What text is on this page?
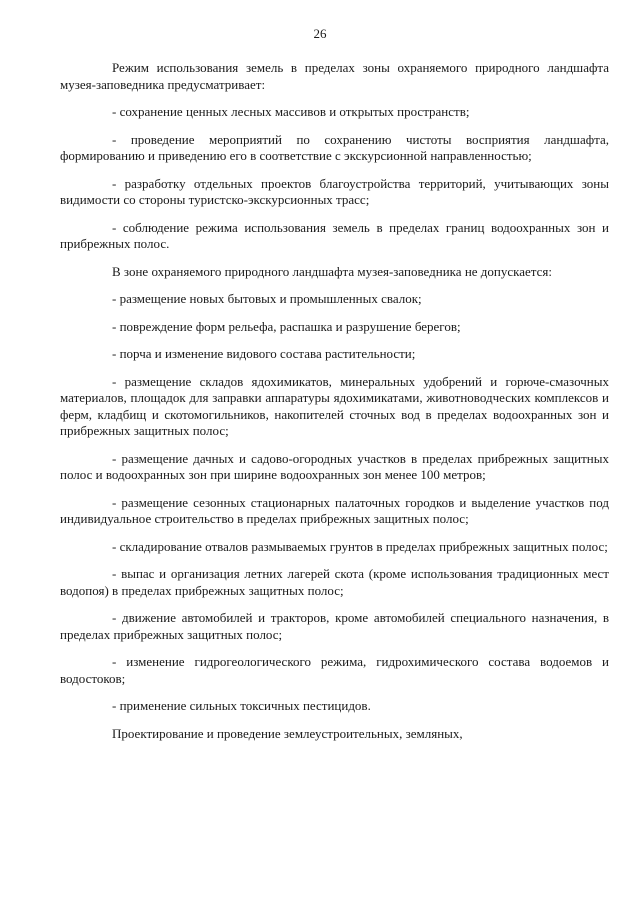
26

Режим использования земель в пределах зоны охраняемого природного ландшафта музея-заповедника предусматривает:

- сохранение ценных лесных массивов и открытых пространств;

- проведение мероприятий по сохранению чистоты восприятия ландшафта, формированию и приведению его в соответствие с экскурсионной направленностью;

- разработку отдельных проектов благоустройства территорий, учитывающих зоны видимости со стороны туристско-экскурсионных трасс;

- соблюдение режима использования земель в пределах границ водоохранных зон и прибрежных полос.

В зоне охраняемого природного ландшафта музея-заповедника не допускается:

- размещение новых бытовых и промышленных свалок;

- повреждение форм рельефа, распашка и разрушение берегов;

- порча и изменение видового состава растительности;

- размещение складов ядохимикатов, минеральных удобрений и горюче-смазочных материалов, площадок для заправки аппаратуры ядохимикатами, животноводческих комплексов и ферм, кладбищ и скотомогильников, накопителей сточных вод в пределах водоохранных зон и прибрежных защитных полос;

- размещение дачных и садово-огородных участков в пределах прибрежных защитных полос и водоохранных зон при ширине водоохранных зон менее 100 метров;

- размещение сезонных стационарных палаточных городков и выделение участков под индивидуальное строительство в пределах прибрежных защитных полос;

- складирование отвалов размываемых грунтов в пределах прибрежных защитных полос;

- выпас и организация летних лагерей скота (кроме использования традиционных мест водопоя) в пределах прибрежных защитных полос;

- движение автомобилей и тракторов, кроме автомобилей специального назначения, в пределах прибрежных защитных полос;

- изменение гидрогеологического режима, гидрохимического состава водоемов и водостоков;

- применение сильных токсичных пестицидов.

Проектирование и проведение землеустроительных, земляных,
